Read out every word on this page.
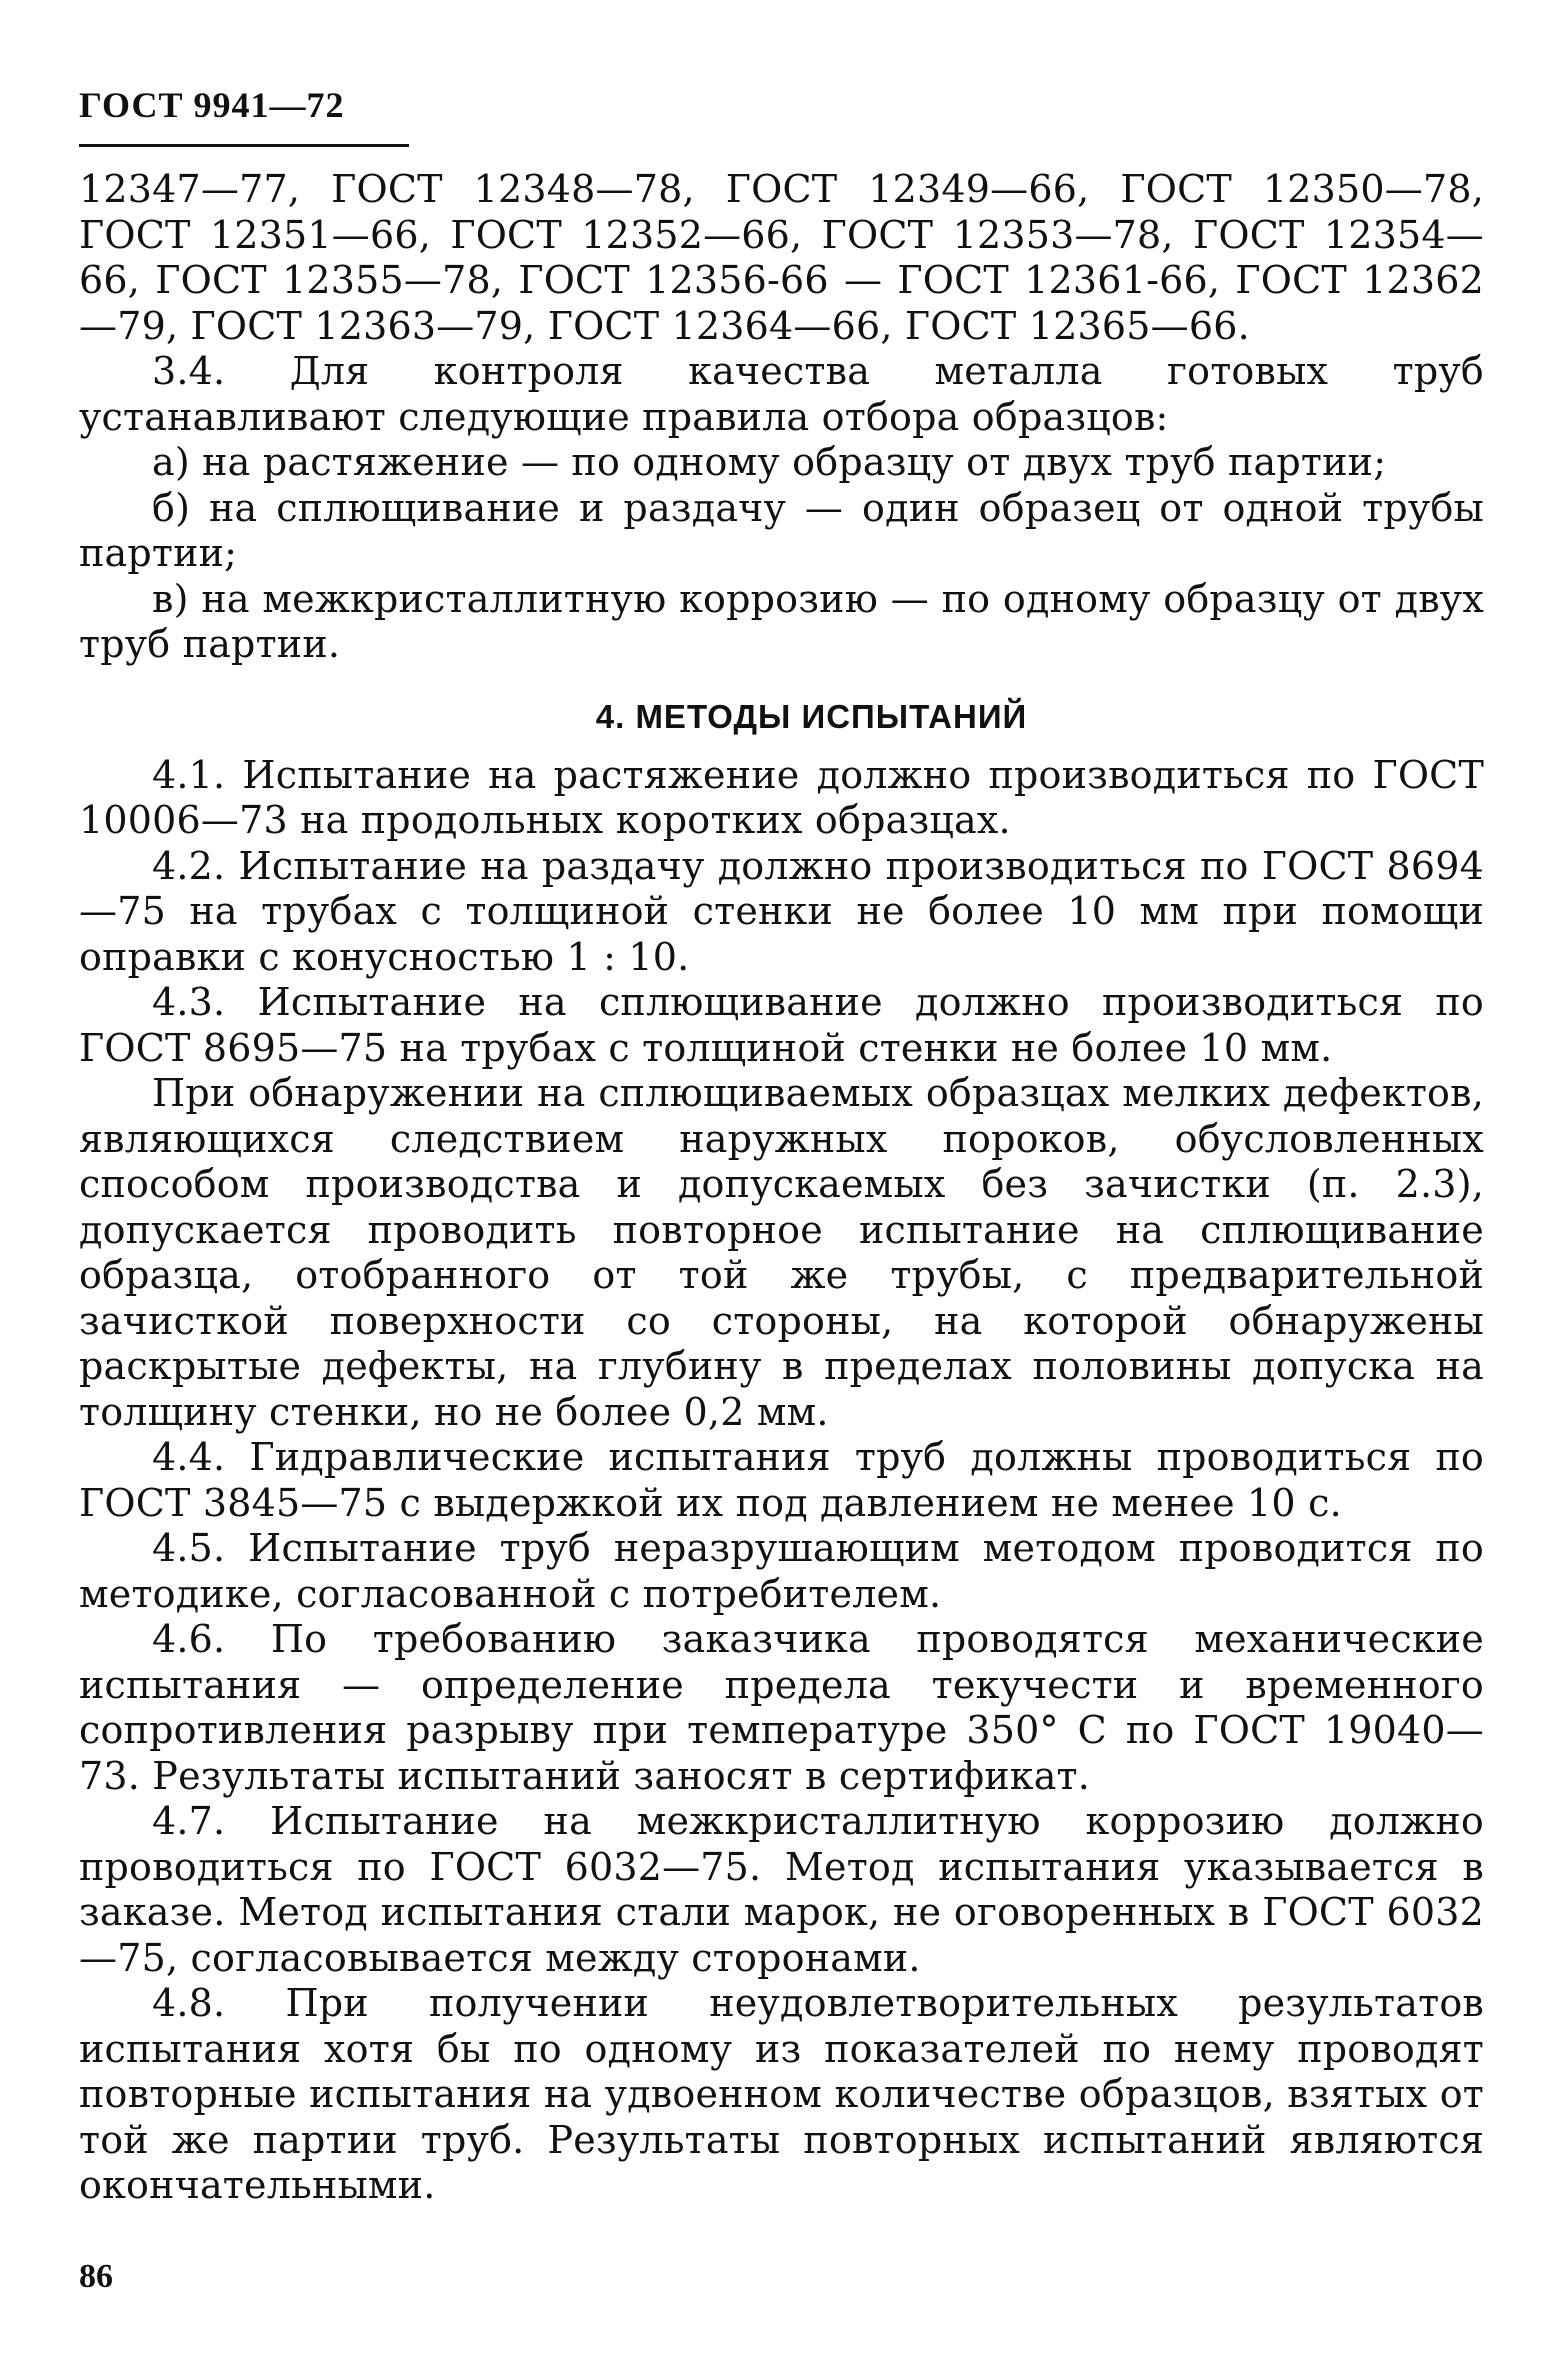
ГОСТ 9941—72

12347—77, ГОСТ 12348—78, ГОСТ 12349—66, ГОСТ 12350—78, ГОСТ 12351—66, ГОСТ 12352—66, ГОСТ 12353—78, ГОСТ 12354—66, ГОСТ 12355—78, ГОСТ 12356-66 — ГОСТ 12361-66, ГОСТ 12362—79, ГОСТ 12363—79, ГОСТ 12364—66, ГОСТ 12365—66.

3.4. Для контроля качества металла готовых труб устанавливают следующие правила отбора образцов:

а) на растяжение — по одному образцу от двух труб партии;

б) на сплющивание и раздачу — один образец от одной трубы партии;

в) на межкристаллитную коррозию — по одному образцу от двух труб партии.

4. МЕТОДЫ ИСПЫТАНИЙ

4.1. Испытание на растяжение должно производиться по ГОСТ 10006—73 на продольных коротких образцах.

4.2. Испытание на раздачу должно производиться по ГОСТ 8694—75 на трубах с толщиной стенки не более 10 мм при помощи оправки с конусностью 1 : 10.

4.3. Испытание на сплющивание должно производиться по ГОСТ 8695—75 на трубах с толщиной стенки не более 10 мм.

При обнаружении на сплющиваемых образцах мелких дефектов, являющихся следствием наружных пороков, обусловленных способом производства и допускаемых без зачистки (п. 2.3), допускается проводить повторное испытание на сплющивание образца, отобранного от той же трубы, с предварительной зачисткой поверхности со стороны, на которой обнаружены раскрытые дефекты, на глубину в пределах половины допуска на толщину стенки, но не более 0,2 мм.

4.4. Гидравлические испытания труб должны проводиться по ГОСТ 3845—75 с выдержкой их под давлением не менее 10 с.

4.5. Испытание труб неразрушающим методом проводится по методике, согласованной с потребителем.

4.6. По требованию заказчика проводятся механические испытания — определение предела текучести и временного сопротивления разрыву при температуре 350° С по ГОСТ 19040—73. Результаты испытаний заносят в сертификат.

4.7. Испытание на межкристаллитную коррозию должно проводиться по ГОСТ 6032—75. Метод испытания указывается в заказе. Метод испытания стали марок, не оговоренных в ГОСТ 6032—75, согласовывается между сторонами.

4.8. При получении неудовлетворительных результатов испытания хотя бы по одному из показателей по нему проводят повторные испытания на удвоенном количестве образцов, взятых от той же партии труб. Результаты повторных испытаний являются окончательными.

86
